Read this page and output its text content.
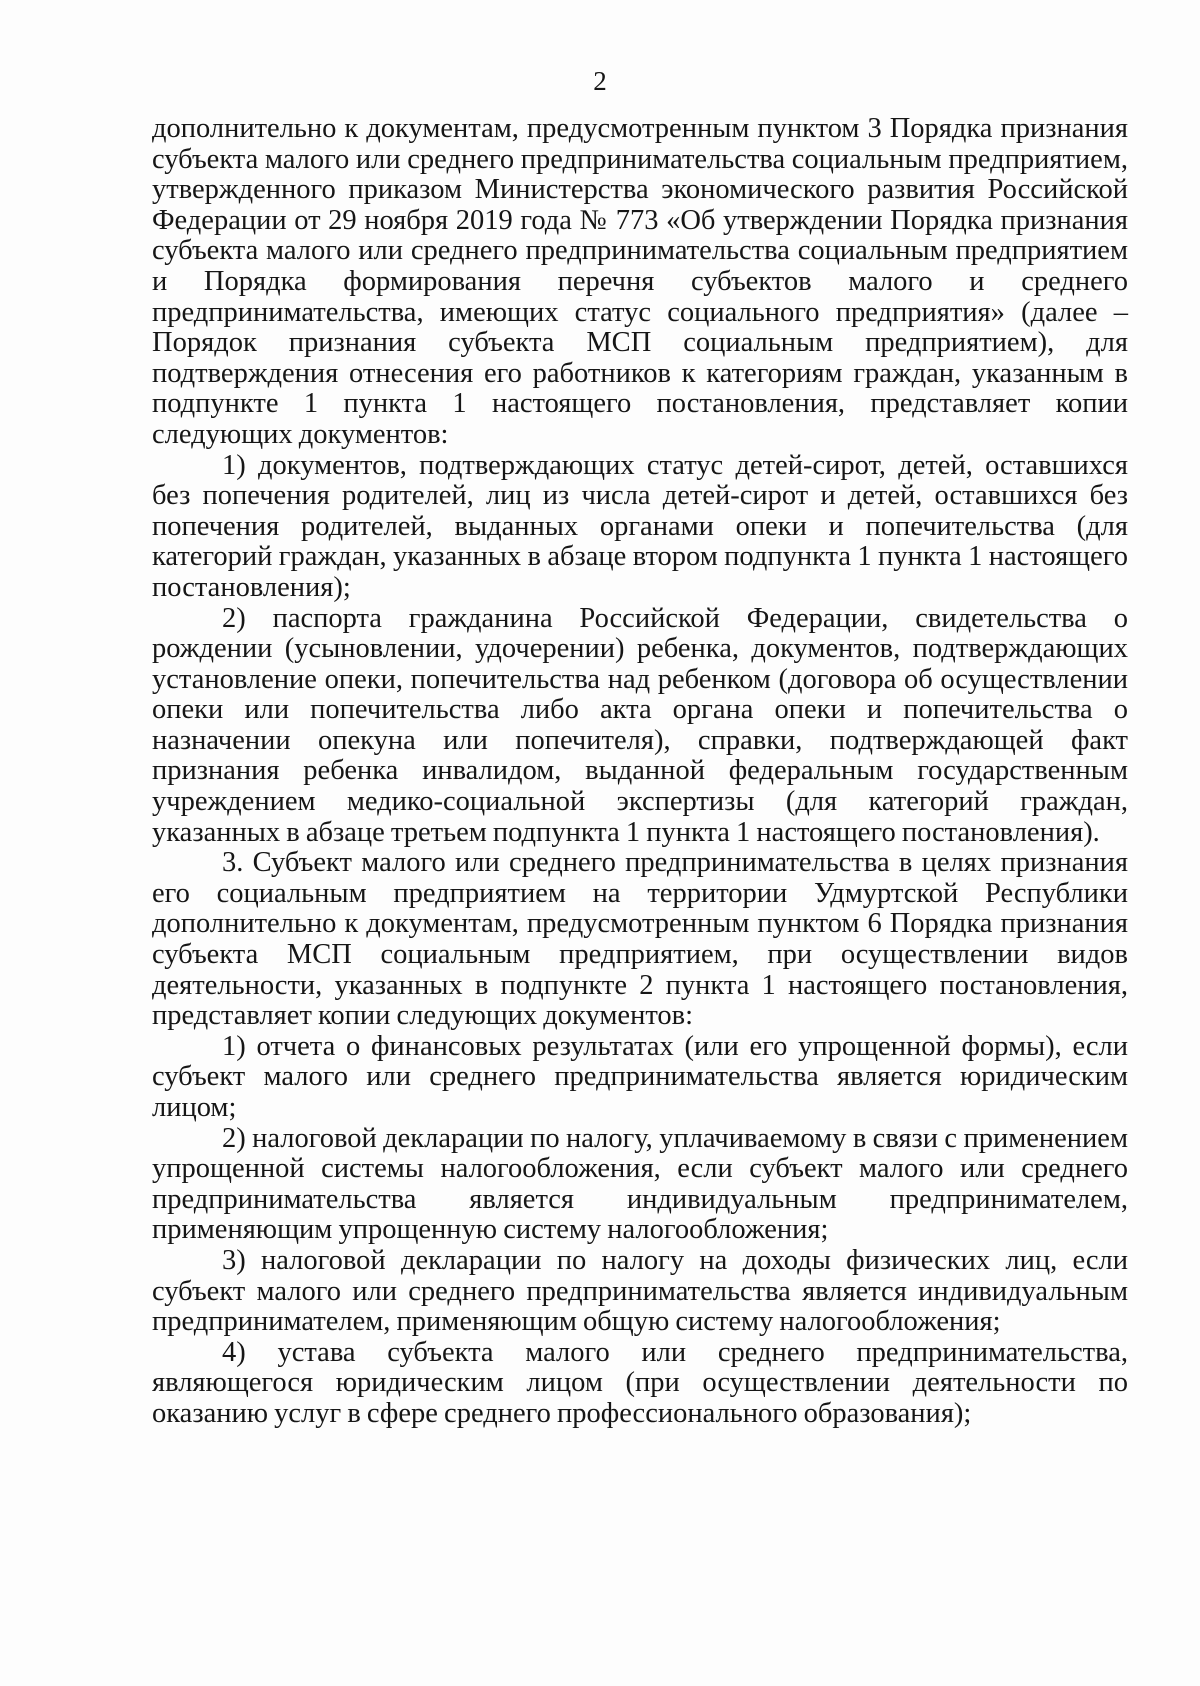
2

дополнительно к документам, предусмотренным пунктом 3 Порядка признания субъекта малого или среднего предпринимательства социальным предприятием, утвержденного приказом Министерства экономического развития Российской Федерации от 29 ноября 2019 года № 773 «Об утверждении Порядка признания субъекта малого или среднего предпринимательства социальным предприятием и Порядка формирования перечня субъектов малого и среднего предпринимательства, имеющих статус социального предприятия» (далее – Порядок признания субъекта МСП социальным предприятием), для подтверждения отнесения его работников к категориям граждан, указанным в подпункте 1 пункта 1 настоящего постановления, представляет копии следующих документов:

1) документов, подтверждающих статус детей-сирот, детей, оставшихся без попечения родителей, лиц из числа детей-сирот и детей, оставшихся без попечения родителей, выданных органами опеки и попечительства (для категорий граждан, указанных в абзаце втором подпункта 1 пункта 1 настоящего постановления);

2) паспорта гражданина Российской Федерации, свидетельства о рождении (усыновлении, удочерении) ребенка, документов, подтверждающих установление опеки, попечительства над ребенком (договора об осуществлении опеки или попечительства либо акта органа опеки и попечительства о назначении опекуна или попечителя), справки, подтверждающей факт признания ребенка инвалидом, выданной федеральным государственным учреждением медико-социальной экспертизы (для категорий граждан, указанных в абзаце третьем подпункта 1 пункта 1 настоящего постановления).

3. Субъект малого или среднего предпринимательства в целях признания его социальным предприятием на территории Удмуртской Республики дополнительно к документам, предусмотренным пунктом 6 Порядка признания субъекта МСП социальным предприятием, при осуществлении видов деятельности, указанных в подпункте 2 пункта 1 настоящего постановления, представляет копии следующих документов:

1) отчета о финансовых результатах (или его упрощенной формы), если субъект малого или среднего предпринимательства является юридическим лицом;

2) налоговой декларации по налогу, уплачиваемому в связи с применением упрощенной системы налогообложения, если субъект малого или среднего предпринимательства является индивидуальным предпринимателем, применяющим упрощенную систему налогообложения;

3) налоговой декларации по налогу на доходы физических лиц, если субъект малого или среднего предпринимательства является индивидуальным предпринимателем, применяющим общую систему налогообложения;

4) устава субъекта малого или среднего предпринимательства, являющегося юридическим лицом (при осуществлении деятельности по оказанию услуг в сфере среднего профессионального образования);
